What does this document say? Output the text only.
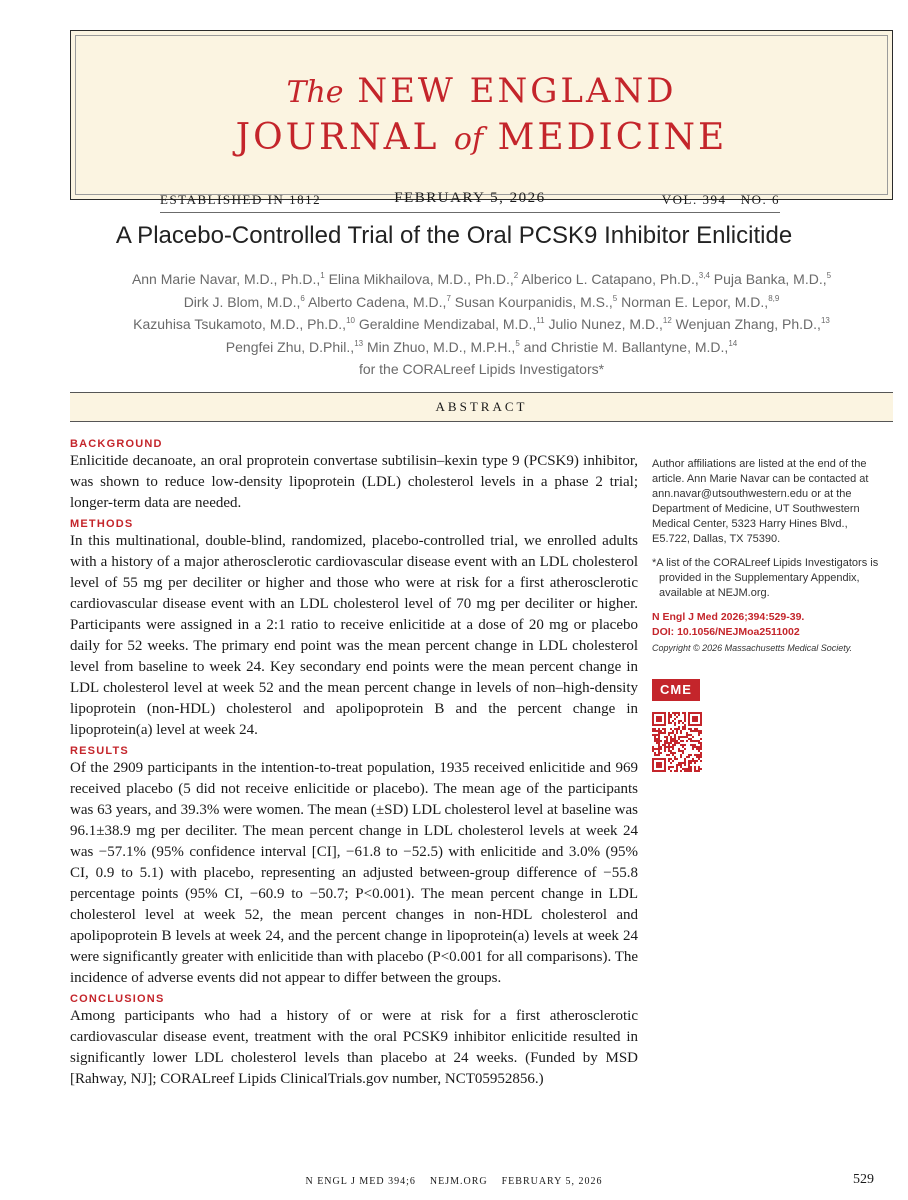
The NEW ENGLAND
JOURNAL of MEDICINE
ESTABLISHED IN 1812	FEBRUARY 5, 2026	VOL. 394   NO. 6
A Placebo-Controlled Trial of the Oral PCSK9 Inhibitor Enlicitide
Ann Marie Navar, M.D., Ph.D.,$^1$ Elina Mikhailova, M.D., Ph.D.,$^2$ Alberico L. Catapano, Ph.D.,$^{3,4}$ Puja Banka, M.D.,$^5$
Dirk J. Blom, M.D.,$^6$ Alberto Cadena, M.D.,$^7$ Susan Kourpanidis, M.S.,$^5$ Norman E. Lepor, M.D.,$^{8,9}$
Kazuhisa Tsukamoto, M.D., Ph.D.,$^{10}$ Geraldine Mendizabal, M.D.,$^{11}$ Julio Nunez, M.D.,$^{12}$ Wenjuan Zhang, Ph.D.,$^{13}$
Pengfei Zhu, D.Phil.,$^{13}$ Min Zhuo, M.D., M.P.H.,$^5$ and Christie M. Ballantyne, M.D.,$^{14}$
for the CORALreef Lipids Investigators*
ABSTRACT
BACKGROUND

Enlicitide decanoate, an oral proprotein convertase subtilisin–kexin type 9 (PCSK9) inhibitor, was shown to reduce low-density lipoprotein (LDL) cholesterol levels in a phase 2 trial; longer-term data are needed.

METHODS

In this multinational, double-blind, randomized, placebo-controlled trial, we enrolled adults with a history of a major atherosclerotic cardiovascular disease event with an LDL cholesterol level of 55 mg per deciliter or higher and those who were at risk for a first atherosclerotic cardiovascular disease event with an LDL cholesterol level of 70 mg per deciliter or higher. Participants were assigned in a 2:1 ratio to receive enlicitide at a dose of 20 mg or placebo daily for 52 weeks. The primary end point was the mean percent change in LDL cholesterol level from baseline to week 24. Key secondary end points were the mean percent change in LDL cholesterol level at week 52 and the mean percent change in levels of non–high-density lipoprotein (non-HDL) cholesterol and apolipoprotein B and the percent change in lipoprotein(a) level at week 24.

RESULTS

Of the 2909 participants in the intention-to-treat population, 1935 received enlicitide and 969 received placebo (5 did not receive enlicitide or placebo). The mean age of the participants was 63 years, and 39.3% were women. The mean (±SD) LDL cholesterol level at baseline was 96.1±38.9 mg per deciliter. The mean percent change in LDL cholesterol levels at week 24 was −57.1% (95% confidence interval [CI], −61.8 to −52.5) with enlicitide and 3.0% (95% CI, 0.9 to 5.1) with placebo, representing an adjusted between-group difference of −55.8 percentage points (95% CI, −60.9 to −50.7; P<0.001). The mean percent change in LDL cholesterol level at week 52, the mean percent changes in non-HDL cholesterol and apolipoprotein B levels at week 24, and the percent change in lipoprotein(a) levels at week 24 were significantly greater with enlicitide than with placebo (P<0.001 for all comparisons). The incidence of adverse events did not appear to differ between the groups.

CONCLUSIONS

Among participants who had a history of or were at risk for a first atherosclerotic cardiovascular disease event, treatment with the oral PCSK9 inhibitor enlicitide resulted in significantly lower LDL cholesterol levels than placebo at 24 weeks. (Funded by MSD [Rahway, NJ]; CORALreef Lipids ClinicalTrials.gov number, NCT05952856.)

Author affiliations are listed at the end of the article. Ann Marie Navar can be contacted at ann.navar@utsouthwestern.edu or at the Department of Medicine, UT Southwestern Medical Center, 5323 Harry Hines Blvd., E5.722, Dallas, TX 75390.

*A list of the CORALreef Lipids Investigators is provided in the Supplementary Appendix, available at NEJM.org.

N Engl J Med 2026;394:529-39.

DOI: 10.1056/NEJMoa2511002

Copyright © 2026 Massachusetts Medical Society.

CME
N ENGL J MED 394;6    NEJM.ORG    FEBRUARY 5, 2026	529
